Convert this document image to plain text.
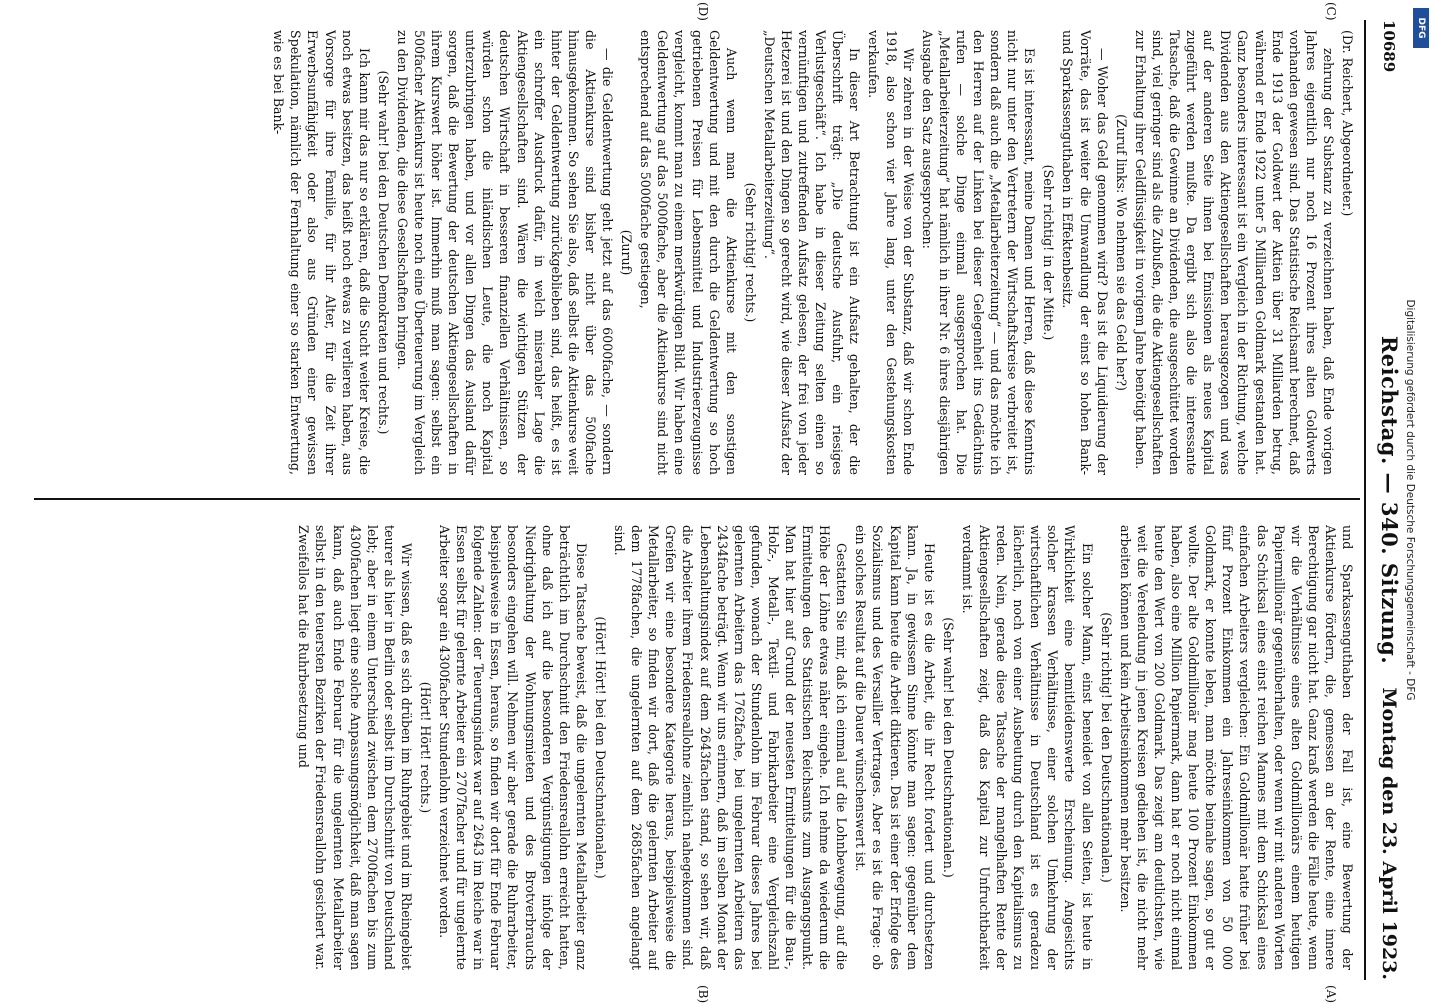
10689
Reichstag. — 340. Sitzung.
Montag den 23. April 1923.

(Dr. Reichert, Abgeordneter.)

zehrung der Substanz zu verzeichnen haben, daß Ende vorigen Jahres eigentlich nur noch 16 Prozent ihres alten Goldwerts vorhanden gewesen sind. Das Statistische Reichsamt berechnet, daß Ende 1913 der Goldwert der Aktien über 31 Milliarden betrug, während er Ende 1922 unter 5 Milliarden Goldmark gestanden hat. Ganz besonders interessant ist ein Vergleich in der Richtung, welche Dividenden aus den Aktiengesellschaften herausgezogen und was auf der anderen Seite ihnen bei Emissionen als neues Kapital zugeführt werden mußte. Da ergibt sich also die interessante Tatsache, daß die Gewinne an Dividenden, die ausgeschüttet worden sind, viel geringer sind als die Zubußen, die die Aktiengesellschaften zur Erhaltung ihrer Geldflüssigkeit in vorigem Jahre benötigt haben.

(Zuruf links: Wo nehmen sie das Geld her?)

— Woher das Geld genommen wird? Das ist die Liquidierung der Vorräte, das ist weiter die Umwandlung der einst so hohen Bank- und Sparkassenguthaben in Effektenbesitz.

(Sehr richtig! in der Mitte.)

Es ist interessant, meine Damen und Herren, daß diese Kenntnis nicht nur unter den Vertretern der Wirtschaftskreise verbreitet ist, sondern daß auch die „Metallarbeiterzeitung“ — und das möchte ich den Herren auf der Linken bei dieser Gelegenheit ins Gedächtnis rufen — solche Dinge einmal ausgesprochen hat. Die „Metallarbeiterzeitung“ hat nämlich in ihrer Nr. 6 ihres diesjährigen Ausgabe den Satz ausgesprochen:

Wir zehren in der Weise von der Substanz, daß wir schon Ende 1918, also schon vier Jahre lang, unter den Gestehungskosten verkaufen.

In dieser Art Betrachtung ist ein Aufsatz gehalten, der die Überschrift trägt: „Die deutsche Ausfuhr, ein riesiges Verlustgeschäft“. Ich habe in dieser Zeitung selten einen so vernünftigen und zutreffenden Aufsatz gelesen, der frei von jeder Hetzerei ist und den Dingen so gerecht wird, wie dieser Aufsatz der „Deutschen Metallarbeiterzeitung“.

(Sehr richtig! rechts.)

Auch wenn man die Aktienkurse mit den sonstigen Geldentwertung und mit den durch die Geldentwertung so hoch getriebenen Preisen für Lebensmittel und Industrieerzeugnisse vergleicht, kommt man zu einem merkwürdigen Bild. Wir haben eine Geldentwertung auf das 5000fache, aber die Aktienkurse sind nicht entsprechend auf das 5000fache gestiegen,

(Zuruf)

— die Geldentwertung geht jetzt auf das 6000fache, — sondern die Aktienkurse sind bisher nicht über das 500fache hinausgekommen. So sehen Sie also, daß selbst die Aktienkurse weit hinter der Geldentwertung zurückgeblieben sind, das heißt, es ist ein schroffer Ausdruck dafür, in welch miserabler Lage die Aktiengesellschaften sind. Wären die wichtigen Stützen der deutschen Wirtschaft in besseren finanziellen Verhältnissen, so würden schon die inländischen Leute, die noch Kapital unterzubringen haben, und vor allen Dingen das Ausland dafür sorgen, daß die Bewertung der deutschen Aktiengesellschaften in ihrem Kurswert höher ist. Immerhin muß man sagen: selbst ein 500facher Aktienkurs ist heute noch eine Überteuerung im Vergleich zu den Dividenden, die diese Gesellschaften bringen.

(Sehr wahr! bei den Deutschen Demokraten und rechts.)

Ich kann mir das nur so erklären, daß die Sucht weiter Kreise, die noch etwas besitzen, das heißt noch etwas zu verlieren haben, aus Vorsorge für ihre Familie, für ihr Alter, für die Zeit ihrer Erwerbsunfähigkeit oder also aus Gründen einer gewissen Spekulation, nämlich der Fernhaltung einer so starken Entwertung, wie es bei Bank-

und Sparkassenguthaben der Fall ist, eine Bewertung der Aktienkurse fördern, die, gemessen an der Rente, eine innere Berechtigung gar nicht hat. Ganz kraß werden die Fälle heute, wenn wir die Verhältnisse eines alten Goldmillionärs einem heutigen Papiermillionär gegenüberhalten, oder wenn wir mit anderen Worten das Schicksal eines einst reichen Mannes mit dem Schicksal eines einfachen Arbeiters vergleichen: Ein Goldmillionär hatte früher bei fünf Prozent Einkommen ein Jahreseinkommen von 50 000 Goldmark, er konnte leben, man möchte beinahe sagen, so gut er wollte. Der alte Goldmillionär mag heute 100 Prozent Einkommen haben, also eine Million Papiermark, dann hat er noch nicht einmal heute den Wert von 200 Goldmark. Das zeigt am deutlichsten, wie weit die Verelendung in jenen Kreisen gediehen ist, die nicht mehr arbeiten können und kein Arbeitseinkommen mehr besitzen.

(Sehr richtig! bei den Deutschnationalen.)

Ein solcher Mann, einst beneidet von allen Seiten, ist heute in Wirklichkeit eine bemitleidenswerte Erscheinung. Angesichts solcher krassen Verhältnisse, einer solchen Umkehrung der wirtschaftlichen Verhältnisse in Deutschland ist es geradezu lächerlich, noch von einer Ausbeutung durch den Kapitalismus zu reden. Nein, gerade diese Tatsache der mangelhaften Rente der Aktiengesellschaften zeigt, daß das Kapital zur Unfruchtbarkeit verdammt ist.

(Sehr wahr! bei den Deutschnationalen.)

Heute ist es die Arbeit, die ihr Recht fordert und durchsetzen kann. Ja, in gewissem Sinne könnte man sagen: gegenüber dem Kapital kann heute die Arbeit diktieren. Das ist einer der Erfolge des Sozialismus und des Versailler Vertrages. Aber es ist die Frage: ob ein solches Resultat auf die Dauer wünschenswert ist.

Gestatten Sie mir, daß ich einmal auf die Lohnbewegung, auf die Höhe der Löhne etwas näher eingehe. Ich nehme da wiederum die Ermittelungen des Statistischen Reichsamts zum Ausgangspunkt. Man hat hier auf Grund der neuesten Ermittelungen für die Bau-, Holz-, Metall-, Textil- und Fabrikarbeiter eine Vergleichszahl gefunden, wonach der Stundenlohn im Februar dieses Jahres bei gelernten Arbeitern das 1762fache, bei ungelernten Arbeitern das 2434fache beträgt. Wenn wir uns erinnern, daß im selben Monat der Lebenshaltungsindex auf dem 2643fachen stand, so sehen wir, daß die Arbeiter ihrem Friedensreallohne ziemlich nahegekommen sind. Greifen wir eine besondere Kategorie heraus, beispielsweise die Metallarbeiter, so finden wir dort, daß die gelernten Arbeiter auf dem 1778fachen, die ungelernten auf dem 2685fachen angelangt sind.

(Hört! Hört! bei den Deutschnationalen.)

Diese Tatsache beweist, daß die ungelernten Metallarbeiter ganz beträchtlich im Durchschnitt den Friedensreallohn erreicht hatten, ohne daß ich auf die besonderen Vergünstigungen infolge der Niedrighaltung der Wohnungsmieten und des Brotverbrauchs besonders eingehen will. Nehmen wir aber gerade die Ruhrarbeiter, beispielsweise in Essen, heraus, so finden wir dort für Ende Februar folgende Zahlen: der Teuerungsindex war auf 2643 im Reiche war in Essen selbst für gelernte Arbeiter ein 2707facher und für ungelernte Arbeiter sogar ein 4300facher Stundenlohn verzeichnet worden.

(Hört! Hört! rechts.)

Wir wissen, daß es sich drüben im Ruhrgebiet und im Rheingebiet teurer als hier in Berlin oder selbst im Durchschnitt von Deutschland lebt; aber in einem Unterschied zwischen dem 2700fachen bis zum 4300fachen liegt eine solche Anpassungsmöglichkeit, daß man sagen kann, daß auch Ende Februar für die ungelernten Metallarbeiter selbst in den teuersten Bezirken der Friedensreallohn gesichert war. Zweifellos hat die Ruhrbesetzung und

(A)
(B)
(C)
(D)
Digitalisierung gefördert durch die Deutsche Forschungsgemeinschaft - DFG
DFG
